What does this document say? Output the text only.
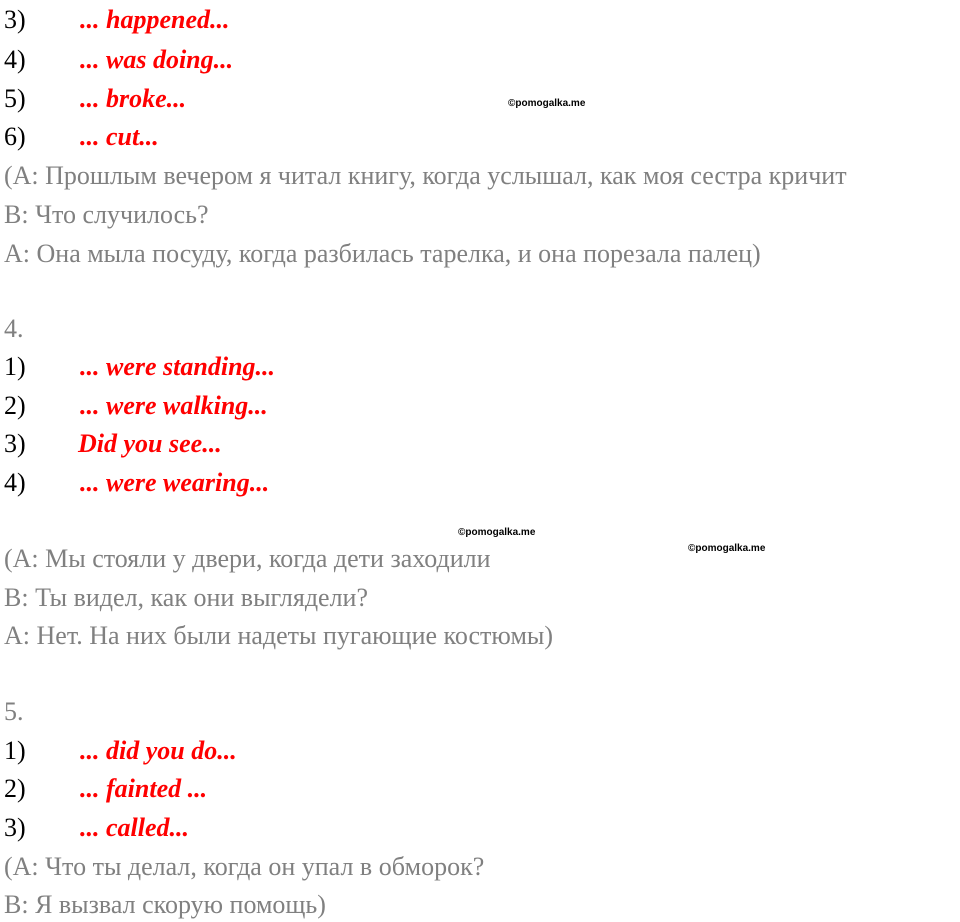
3) ... happened...
4) ... was doing...
5) ... broke...
6) ... cut...
(А: Прошлым вечером я читал книгу, когда услышал, как моя сестра кричит
В: Что случилось?
А: Она мыла посуду, когда разбилась тарелка, и она порезала палец)
4.
1) ... were standing...
2) ... were walking...
3) Did you see...
4) ... were wearing...
(А: Мы стояли у двери, когда дети заходили
В: Ты видел, как они выглядели?
А: Нет. На них были надеты пугающие костюмы)
5.
1) ... did you do...
2) ... fainted ...
3) ... called...
(А: Что ты делал, когда он упал в обморок?
В: Я вызвал скорую помощь)
©pomogalka.me
©pomogalka.me
©pomogalka.me
